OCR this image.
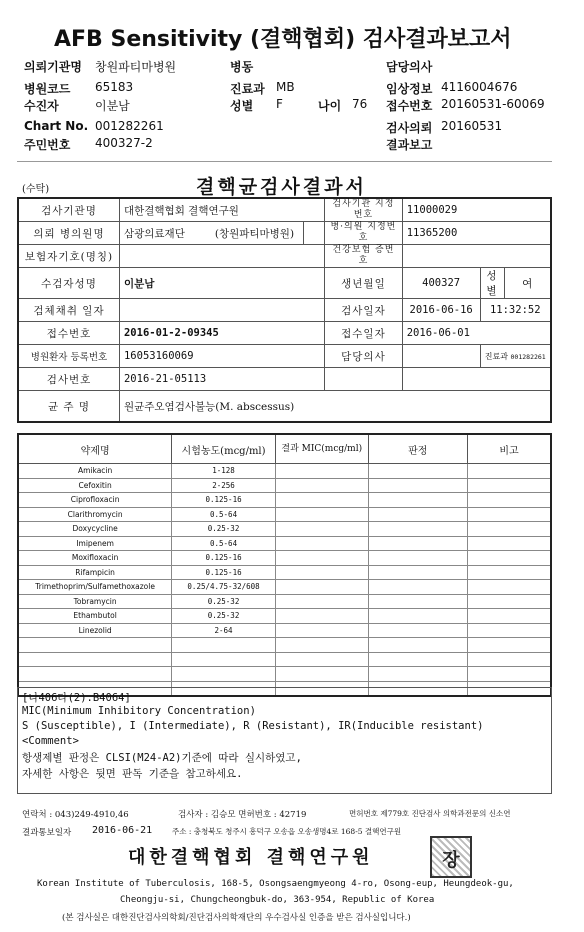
AFB Sensitivity (결핵협회) 검사결과보고서
의뢰기관명 창원파티마병원	병동	담당의사
병원코드 65183	진료과 MB	임상정보 4116004676
수진자	이분남	성별 F	나이 76 접수번호 20160531-60069
Chart No. 001282261	검사의뢰 20160531
주민번호 400327-2	결과보고
(수탁)	결핵균검사결과서
검사기관명	대한결핵협회 결핵연구원		검사기관 지정번호	11000029		
의뢰 병의원명	삼광의료재단 (창원파티마병원)		병·의원 지정번호	11365200		
보험자기호(명칭)			건강보험 증번호			
수검자성명	이분남		생년월일	400327	성별	여
검체채취 일자			검사일자	2016-06-16	11:32:52	
접수번호	2016-01-2-09345		접수일자	2016-06-01		
병원환자 등록번호	16053160069		담당의사		진료과 001282261	
검사번호	2016-21-05113					
균 주 명	원균주오염검사불능(M. abscessus)					
약제명	시험농도(mcg/ml)	결과 MIC(mcg/ml)	판정	비고
Amikacin	1-128			
Cefoxitin	2-256			
Ciprofloxacin	0.125-16			
Clarithromycin	0.5-64			
Doxycycline	0.25-32			
Imipenem	0.5-64			
Moxifloxacin	0.125-16			
Rifampicin	0.125-16			
Trimethoprim/Sulfamethoxazole	0.25/4.75-32/608			
Tobramycin	0.25-32			
Ethambutol	0.25-32			
Linezolid	2-64			

[나406다(2).B4064]
MIC(Minimum Inhibitory Concentration)
S (Susceptible), I (Intermediate), R (Resistant), IR(Inducible resistant)
<Comment>
항생제별 판정은 CLSI(M24-A2)기준에 따라 실시하였고,
자세한 사항은 뒷면 판독 기준을 참고하세요.
연락처 : 043)249-4910,46	검사자 : 김승모 면허번호 : 42719	면허번호 제779호 진단검사 의학과전문의 신소연
결과통보일자 2016-06-21	주소 : 충청북도 청주시 흥덕구 오송읍 오송생명4로 168-5 결핵연구원
대한결핵협회 결핵연구원	장
Korean Institute of Tuberculosis, 168-5, Osongsaengmyeong 4-ro, Osong-eup, Heungdeok-gu,
Cheongju-si, Chungcheongbuk-do, 363-954, Republic of Korea
(본 검사실은 대한진단검사의학회/진단검사의학재단의 우수검사실 인증을 받은 검사실입니다.)
